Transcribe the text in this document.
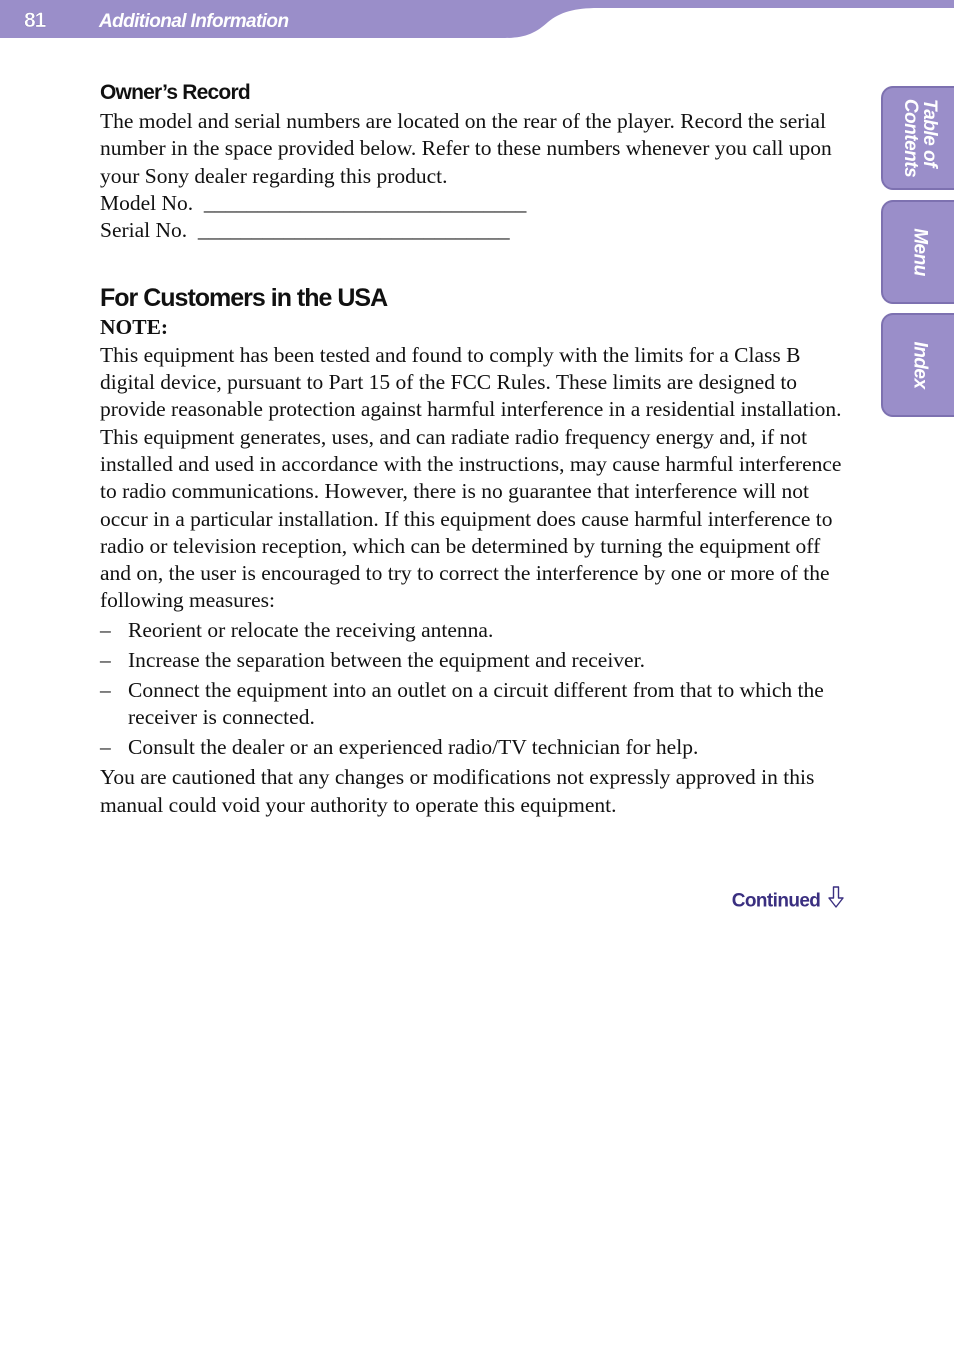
81	Additional Information
Table of
Contents
Menu
Index
Owner’s Record

The model and serial numbers are located on the rear of the player. Record the serial number in the space provided below. Refer to these numbers whenever you call upon your Sony dealer regarding this product.

Model No.  ______________________________
Serial No.  _____________________________
For Customers in the USA

NOTE:

This equipment has been tested and found to comply with the limits for a Class B digital device, pursuant to Part 15 of the FCC Rules. These limits are designed to provide reasonable protection against harmful interference in a residential installation. This equipment generates, uses, and can radiate radio frequency energy and, if not installed and used in accordance with the instructions, may cause harmful interference to radio communications. However, there is no guarantee that interference will not occur in a particular installation. If this equipment does cause harmful interference to radio or television reception, which can be determined by turning the equipment off and on, the user is encouraged to try to correct the interference by one or more of the following measures:

– Reorient or relocate the receiving antenna.
– Increase the separation between the equipment and receiver.
– Connect the equipment into an outlet on a circuit different from that to which the receiver is connected.
– Consult the dealer or an experienced radio/TV technician for help.

You are cautioned that any changes or modifications not expressly approved in this manual could void your authority to operate this equipment.

Continued
